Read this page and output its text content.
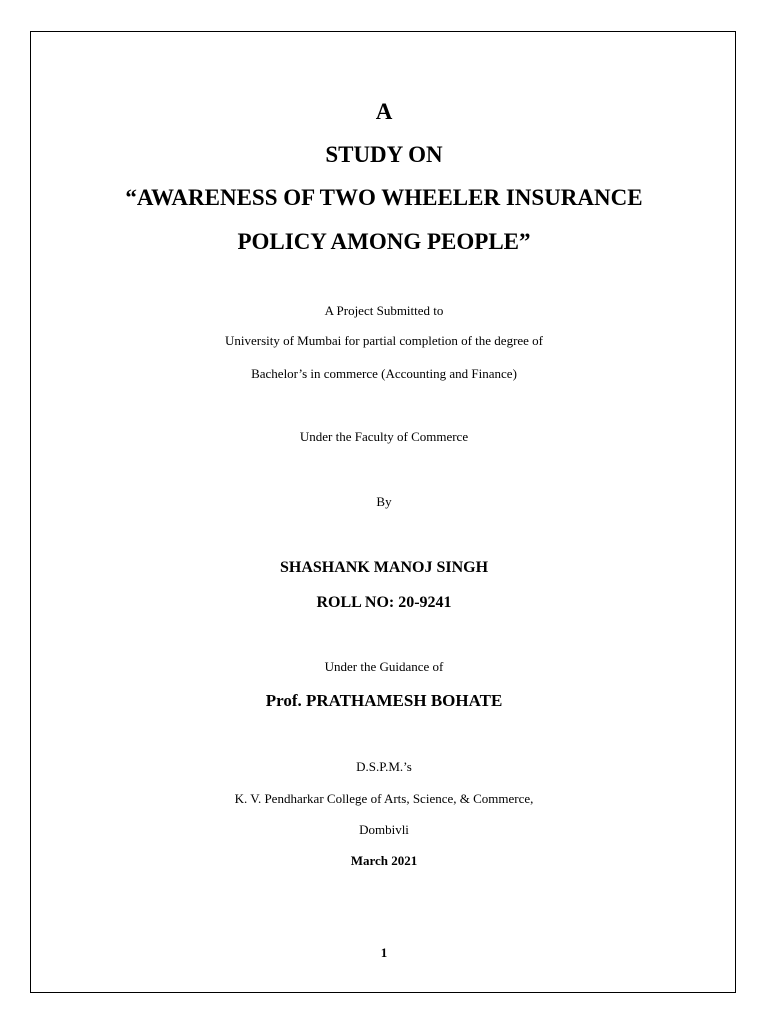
A
STUDY ON
“AWARENESS OF TWO WHEELER INSURANCE
POLICY AMONG PEOPLE”
A Project Submitted to
University of Mumbai for partial completion of the degree of
Bachelor’s in commerce (Accounting and Finance)
Under the Faculty of Commerce
By
SHASHANK MANOJ SINGH
ROLL NO: 20-9241
Under the Guidance of
Prof. PRATHAMESH BOHATE
D.S.P.M.’s
K. V. Pendharkar College of Arts, Science, & Commerce,
Dombivli
March 2021
1
